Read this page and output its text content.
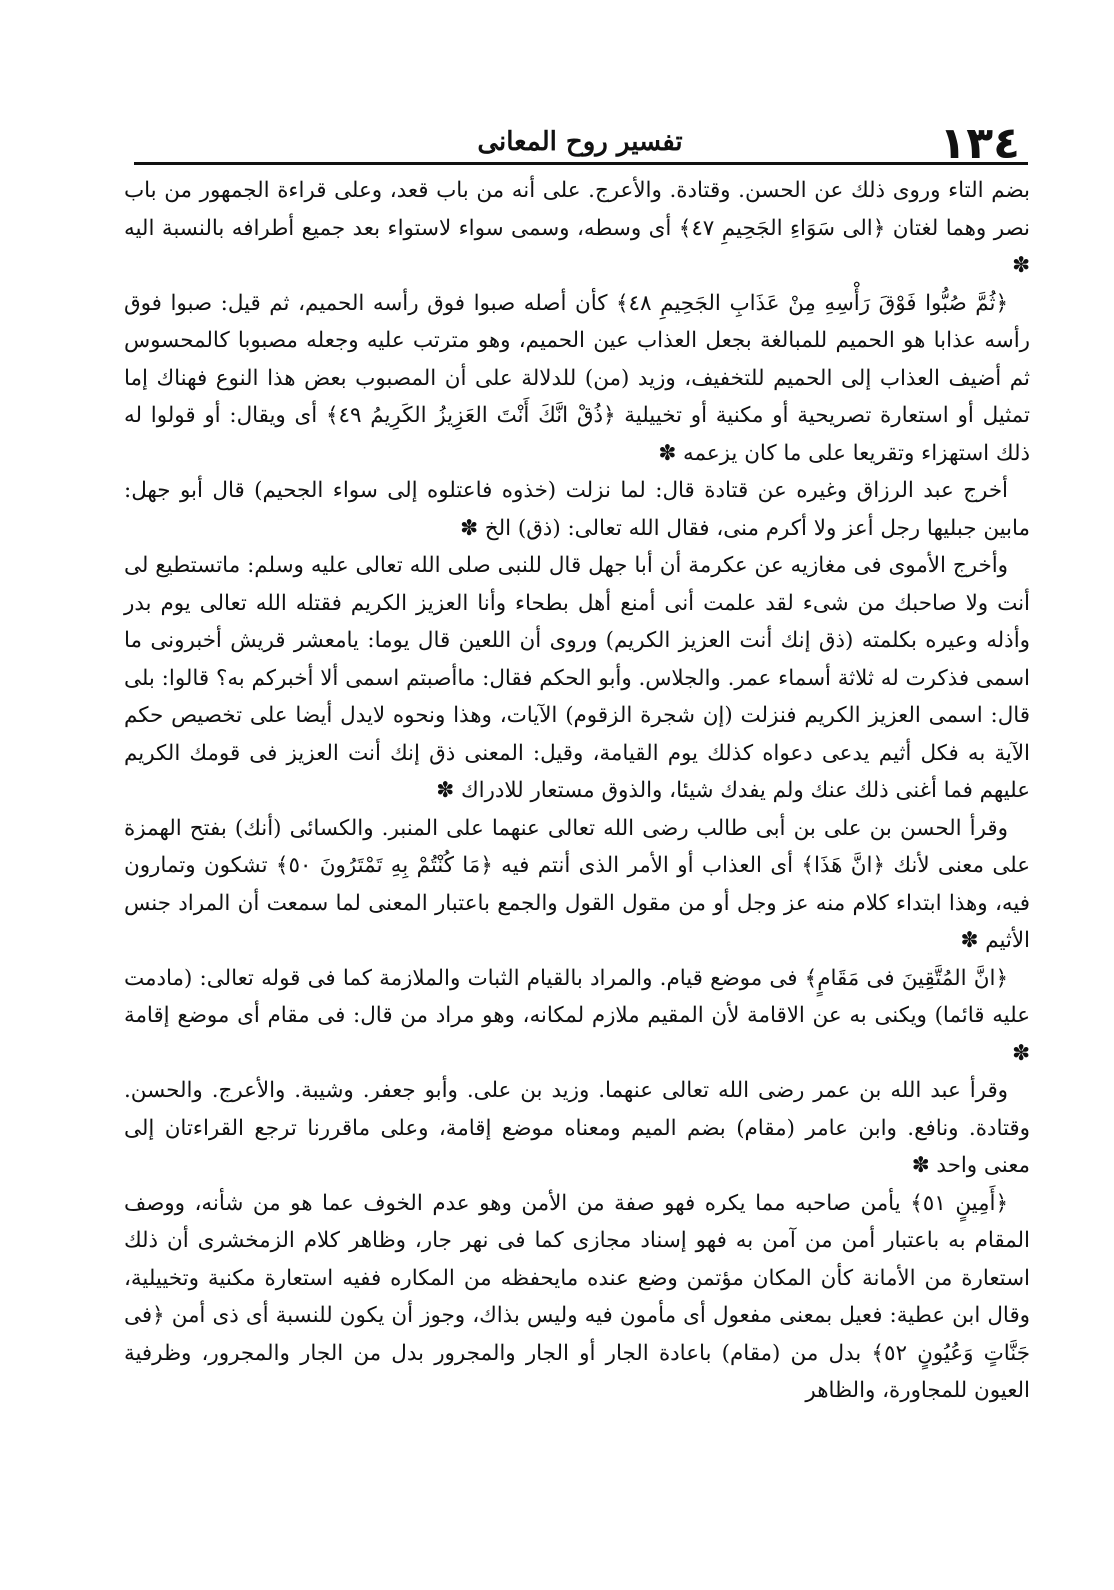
١٣٤
تفسير روح المعانى

بضم التاء وروى ذلك عن الحسن. وقتادة. والأعرج. على أنه من باب قعد، وعلى قراءة الجمهور من باب نصر وهما لغتان ﴿الى سَوَاءِ الجَحِيمِ ٤٧﴾ أى وسطه، وسمى سواء لاستواء بعد جميع أطرافه بالنسبة اليه ✽

﴿ثُمَّ صُبُّوا فَوْقَ رَأْسِهِ مِنْ عَذَابِ الجَحِيمِ ٤٨﴾ كأن أصله صبوا فوق رأسه الحميم، ثم قيل: صبوا فوق رأسه عذابا هو الحميم للمبالغة بجعل العذاب عين الحميم، وهو مترتب عليه وجعله مصبوبا كالمحسوس ثم أضيف العذاب إلى الحميم للتخفيف، وزيد (من) للدلالة على أن المصبوب بعض هذا النوع فهناك إما تمثيل أو استعارة تصريحية أو مكنية أو تخييلية ﴿ذُقْ انَّكَ أَنْتَ العَزِيزُ الكَرِيمُ ٤٩﴾ أى ويقال: أو قولوا له ذلك استهزاء وتقريعا على ما كان يزعمه ✽

أخرج عبد الرزاق وغيره عن قتادة قال: لما نزلت (خذوه فاعتلوه إلى سواء الجحيم) قال أبو جهل: مابين جبليها رجل أعز ولا أكرم منى، فقال الله تعالى: (ذق) الخ ✽

وأخرج الأموى فى مغازيه عن عكرمة أن أبا جهل قال للنبى صلى الله تعالى عليه وسلم: ماتستطيع لى أنت ولا صاحبك من شىء لقد علمت أنى أمنع أهل بطحاء وأنا العزيز الكريم فقتله الله تعالى يوم بدر وأذله وعيره بكلمته (ذق إنك أنت العزيز الكريم) وروى أن اللعين قال يوما: يامعشر قريش أخبرونى ما اسمى فذكرت له ثلاثة أسماء عمر. والجلاس. وأبو الحكم فقال: ماأصبتم اسمى ألا أخبركم به؟ قالوا: بلى قال: اسمى العزيز الكريم فنزلت (إن شجرة الزقوم) الآيات، وهذا ونحوه لايدل أيضا على تخصيص حكم الآية به فكل أثيم يدعى دعواه كذلك يوم القيامة، وقيل: المعنى ذق إنك أنت العزيز فى قومك الكريم عليهم فما أغنى ذلك عنك ولم يفدك شيئا، والذوق مستعار للادراك ✽

وقرأ الحسن بن على بن أبى طالب رضى الله تعالى عنهما على المنبر. والكسائى (أنك) بفتح الهمزة على معنى لأنك ﴿انَّ هَذَا﴾ أى العذاب أو الأمر الذى أنتم فيه ﴿مَا كُنْتُمْ بِهِ تَمْتَرُونَ ٥٠﴾ تشكون وتمارون فيه، وهذا ابتداء كلام منه عز وجل أو من مقول القول والجمع باعتبار المعنى لما سمعت أن المراد جنس الأثيم ✽

﴿انَّ المُتَّقِينَ فى مَقَامٍ﴾ فى موضع قيام. والمراد بالقيام الثبات والملازمة كما فى قوله تعالى: (مادمت عليه قائما) ويكنى به عن الاقامة لأن المقيم ملازم لمكانه، وهو مراد من قال: فى مقام أى موضع إقامة ✽

وقرأ عبد الله بن عمر رضى الله تعالى عنهما. وزيد بن على. وأبو جعفر. وشيبة. والأعرج. والحسن. وقتادة. ونافع. وابن عامر (مقام) بضم الميم ومعناه موضع إقامة، وعلى ماقررنا ترجع القراءتان إلى معنى واحد ✽

﴿أَمِينٍ ٥١﴾ يأمن صاحبه مما يكره فهو صفة من الأمن وهو عدم الخوف عما هو من شأنه، ووصف المقام به باعتبار أمن من آمن به فهو إسناد مجازى كما فى نهر جار، وظاهر كلام الزمخشرى أن ذلك استعارة من الأمانة كأن المكان مؤتمن وضع عنده مايحفظه من المكاره ففيه استعارة مكنية وتخييلية، وقال ابن عطية: فعيل بمعنى مفعول أى مأمون فيه وليس بذاك، وجوز أن يكون للنسبة أى ذى أمن ﴿فى جَنَّاتٍ وَعُيُونٍ ٥٢﴾ بدل من (مقام) باعادة الجار أو الجار والمجرور بدل من الجار والمجرور، وظرفية العيون للمجاورة، والظاهر
